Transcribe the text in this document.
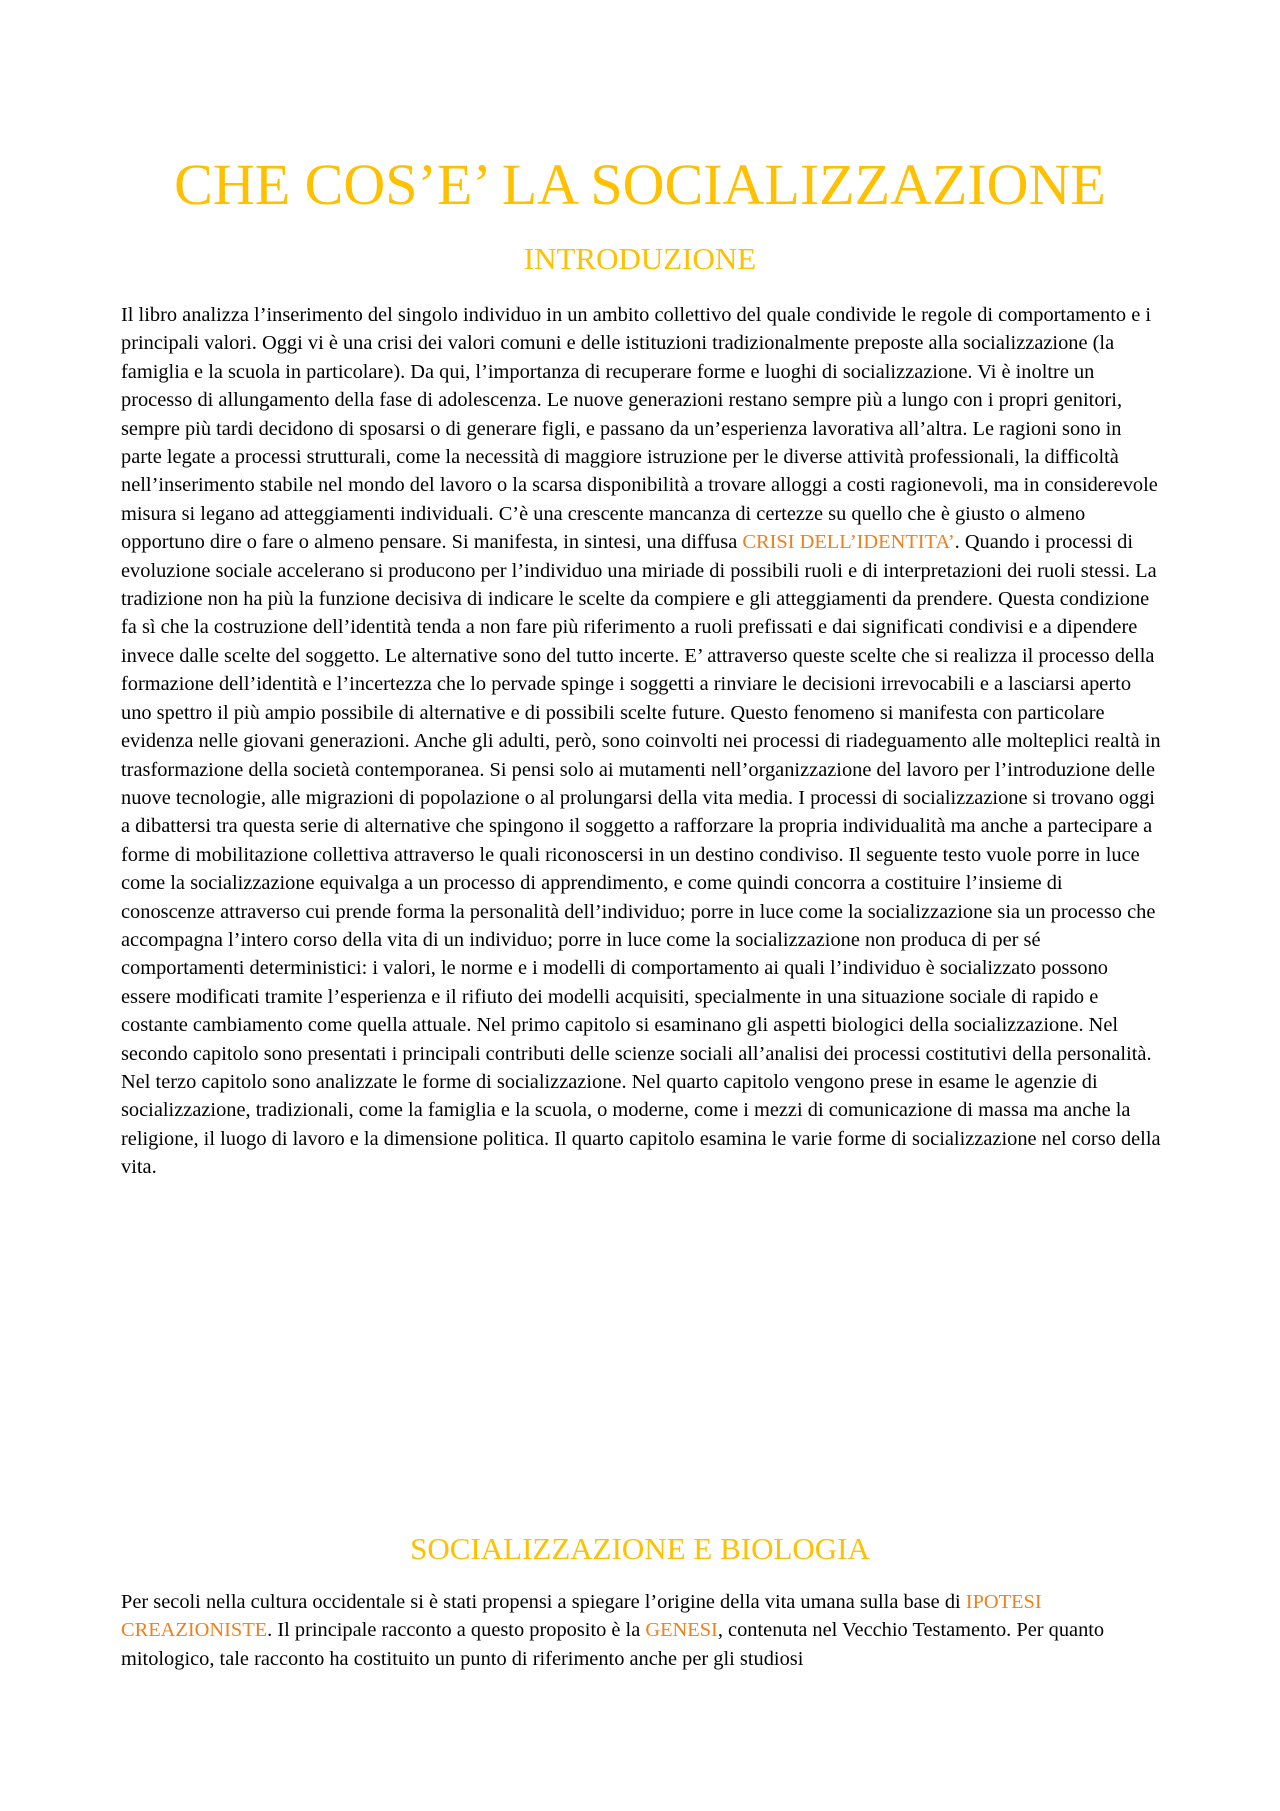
CHE COS’E’ LA SOCIALIZZAZIONE
INTRODUZIONE

Il libro analizza l’inserimento del singolo individuo in un ambito collettivo del quale condivide le regole di comportamento e i principali valori. Oggi vi è una crisi dei valori comuni e delle istituzioni tradizionalmente preposte alla socializzazione (la famiglia e la scuola in particolare). Da qui, l’importanza di recuperare forme e luoghi di socializzazione. Vi è inoltre un processo di allungamento della fase di adolescenza. Le nuove generazioni restano sempre più a lungo con i propri genitori, sempre più tardi decidono di sposarsi o di generare figli, e passano da un’esperienza lavorativa all’altra. Le ragioni sono in parte legate a processi strutturali, come la necessità di maggiore istruzione per le diverse attività professionali, la difficoltà nell’inserimento stabile nel mondo del lavoro o la scarsa disponibilità a trovare alloggi a costi ragionevoli, ma in considerevole misura si legano ad atteggiamenti individuali. C’è una crescente mancanza di certezze su quello che è giusto o almeno opportuno dire o fare o almeno pensare. Si manifesta, in sintesi, una diffusa CRISI DELL’IDENTITA’. Quando i processi di evoluzione sociale accelerano si producono per l’individuo una miriade di possibili ruoli e di interpretazioni dei ruoli stessi. La tradizione non ha più la funzione decisiva di indicare le scelte da compiere e gli atteggiamenti da prendere. Questa condizione fa sì che la costruzione dell’identità tenda a non fare più riferimento a ruoli prefissati e dai significati condivisi e a dipendere invece dalle scelte del soggetto. Le alternative sono del tutto incerte. E’ attraverso queste scelte che si realizza il processo della formazione dell’identità e l’incertezza che lo pervade spinge i soggetti a rinviare le decisioni irrevocabili e a lasciarsi aperto uno spettro il più ampio possibile di alternative e di possibili scelte future. Questo fenomeno si manifesta con particolare evidenza nelle giovani generazioni. Anche gli adulti, però, sono coinvolti nei processi di riadeguamento alle molteplici realtà in trasformazione della società contemporanea. Si pensi solo ai mutamenti nell’organizzazione del lavoro per l’introduzione delle nuove tecnologie, alle migrazioni di popolazione o al prolungarsi della vita media. I processi di socializzazione si trovano oggi a dibattersi tra questa serie di alternative che spingono il soggetto a rafforzare la propria individualità ma anche a partecipare a forme di mobilitazione collettiva attraverso le quali riconoscersi in un destino condiviso. Il seguente testo vuole porre in luce come la socializzazione equivalga a un processo di apprendimento, e come quindi concorra a costituire l’insieme di conoscenze attraverso cui prende forma la personalità dell’individuo; porre in luce come la socializzazione sia un processo che accompagna l’intero corso della vita di un individuo; porre in luce come la socializzazione non produca di per sé comportamenti deterministici: i valori, le norme e i modelli di comportamento ai quali l’individuo è socializzato possono essere modificati tramite l’esperienza e il rifiuto dei modelli acquisiti, specialmente in una situazione sociale di rapido e costante cambiamento come quella attuale. Nel primo capitolo si esaminano gli aspetti biologici della socializzazione. Nel secondo capitolo sono presentati i principali contributi delle scienze sociali all’analisi dei processi costitutivi della personalità. Nel terzo capitolo sono analizzate le forme di socializzazione. Nel quarto capitolo vengono prese in esame le agenzie di socializzazione, tradizionali, come la famiglia e la scuola, o moderne, come i mezzi di comunicazione di massa ma anche la religione, il luogo di lavoro e la dimensione politica. Il quarto capitolo esamina le varie forme di socializzazione nel corso della vita.

SOCIALIZZAZIONE E BIOLOGIA

Per secoli nella cultura occidentale si è stati propensi a spiegare l’origine della vita umana sulla base di IPOTESI CREAZIONISTE. Il principale racconto a questo proposito è la GENESI, contenuta nel Vecchio Testamento. Per quanto mitologico, tale racconto ha costituito un punto di riferimento anche per gli studiosi
